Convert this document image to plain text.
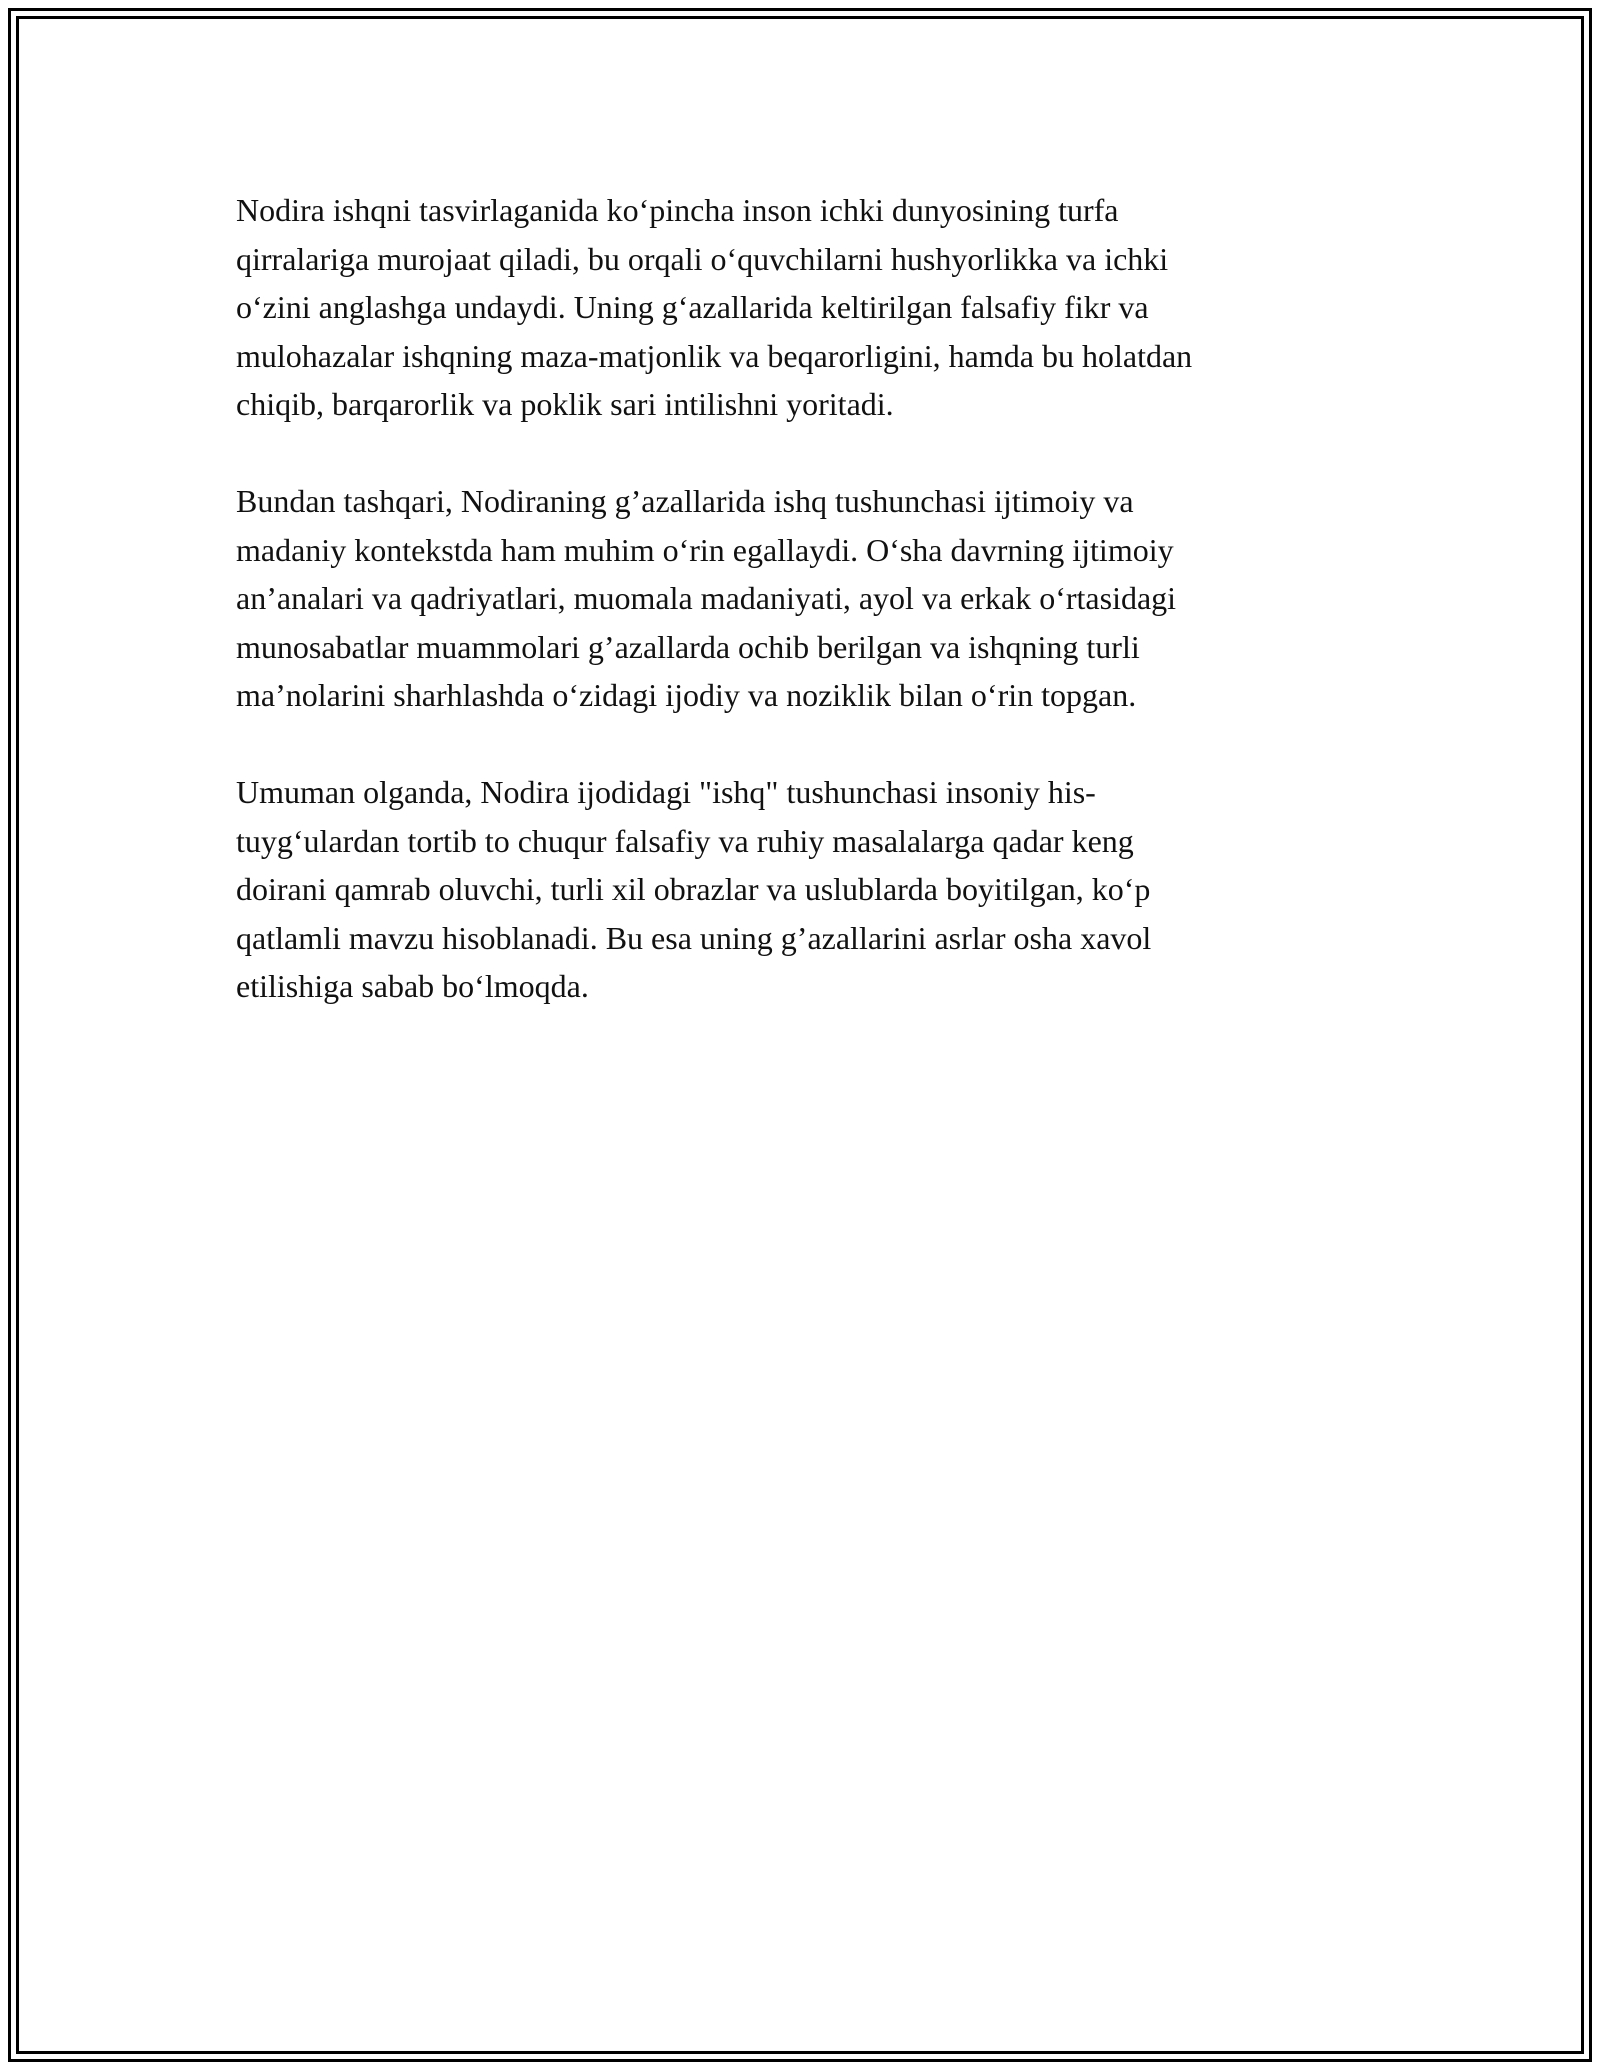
Nodira ishqni tasvirlaganida koʻpincha inson ichki dunyosining turfa
qirralariga murojaat qiladi, bu orqali oʻquvchilarni hushyorlikka va ichki
oʻzini anglashga undaydi. Uning gʻazallarida keltirilgan falsafiy fikr va
mulohazalar ishqning maza-matjonlik va beqarorligini, hamda bu holatdan
chiqib, barqarorlik va poklik sari intilishni yoritadi.

Bundan tashqari, Nodiraning g’azallarida ishq tushunchasi ijtimoiy va
madaniy kontekstda ham muhim oʻrin egallaydi. Oʻsha davrning ijtimoiy
an’analari va qadriyatlari, muomala madaniyati, ayol va erkak oʻrtasidagi
munosabatlar muammolari g’azallarda ochib berilgan va ishqning turli
ma’nolarini sharhlashda oʻzidagi ijodiy va noziklik bilan oʻrin topgan.

Umuman olganda, Nodira ijodidagi "ishq" tushunchasi insoniy his-
tuygʻulardan tortib to chuqur falsafiy va ruhiy masalalarga qadar keng
doirani qamrab oluvchi, turli xil obrazlar va uslublarda boyitilgan, koʻp
qatlamli mavzu hisoblanadi. Bu esa uning g’azallarini asrlar osha xavol
etilishiga sabab boʻlmoqda.
